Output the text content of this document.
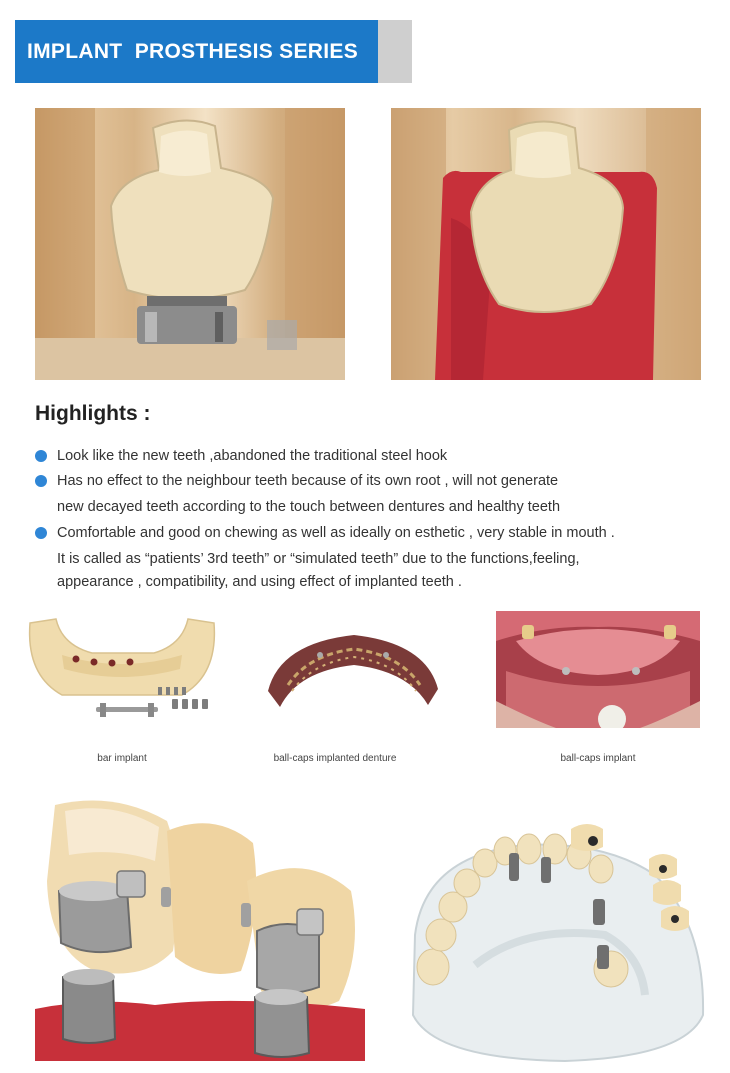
IMPLANT  PROSTHESIS SERIES
Highlights :
Look like the new teeth ,abandoned the traditional steel hook
Has no effect to the neighbour teeth because of its own root , will not generate
new decayed teeth according to the touch between dentures and healthy teeth
Comfortable and good on chewing as well as ideally on esthetic , very stable in mouth .
It is called as “patients’ 3rd teeth” or “simulated teeth” due to the functions,feeling,
appearance , compatibility, and using effect of implanted teeth .
bar implant	ball-caps implanted denture	ball-caps implant
